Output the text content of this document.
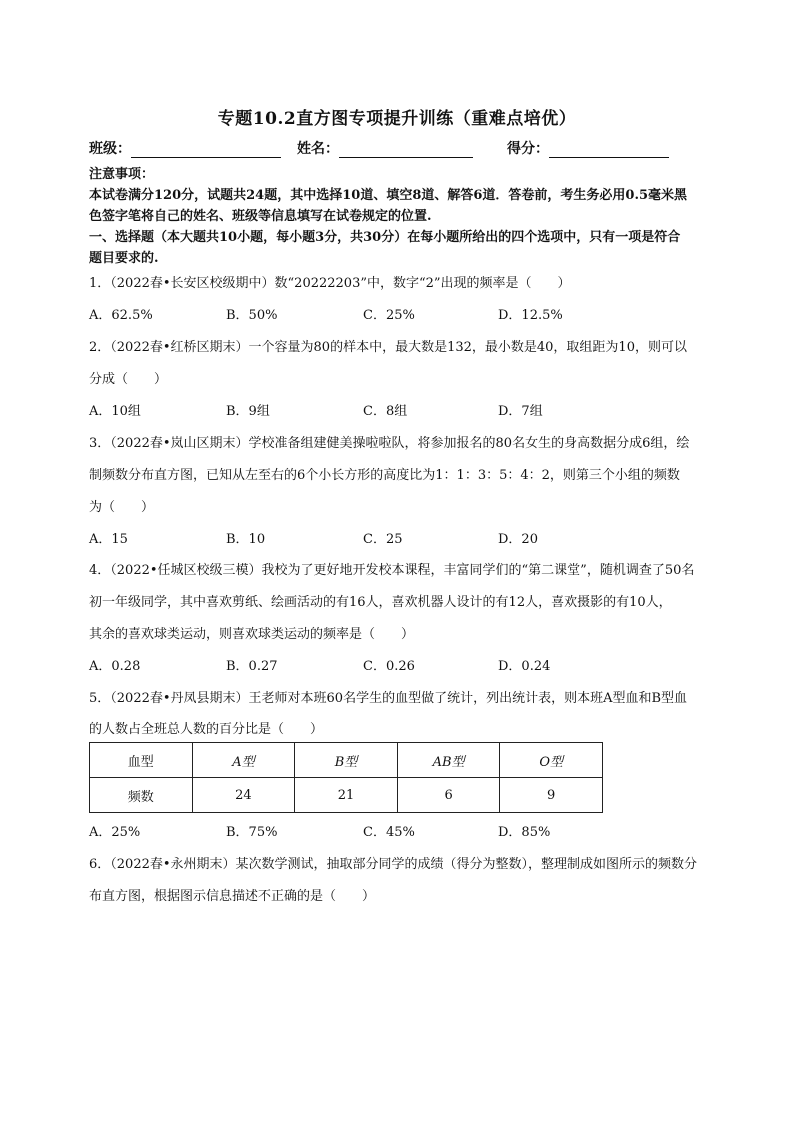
专题10.2直方图专项提升训练（重难点培优）
班级：	姓名：	得分：
注意事项：
本试卷满分120分，试题共24题，其中选择10道、填空8道、解答6道．答卷前，考生务必用0.5毫米黑
色签字笔将自己的姓名、班级等信息填写在试卷规定的位置.
一、选择题（本大题共10小题，每小题3分，共30分）在每小题所给出的四个选项中，只有一项是符合
题目要求的.
1．（2022春•长安区校级期中）数“20222203”中，数字“2”出现的频率是（　　）
A．62.5%	B．50%	C．25%	D．12.5%
2．（2022春•红桥区期末）一个容量为80的样本中，最大数是132，最小数是40，取组距为10，则可以
分成（　　）
A．10组	B．9组	C．8组	D．7组
3．（2022春•岚山区期末）学校准备组建健美操啦啦队，将参加报名的80名女生的身高数据分成6组，绘
制频数分布直方图，已知从左至右的6个小长方形的高度比为1：1：3：5：4：2，则第三个小组的频数
为（　　）
A．15	B．10	C．25	D．20
4．（2022•任城区校级三模）我校为了更好地开发校本课程，丰富同学们的“第二课堂”，随机调查了50名
初一年级同学，其中喜欢剪纸、绘画活动的有16人，喜欢机器人设计的有12人，喜欢摄影的有10人，
其余的喜欢球类运动，则喜欢球类运动的频率是（　　）
A．0.28	B．0.27	C．0.26	D．0.24
5．（2022春•丹凤县期末）王老师对本班60名学生的血型做了统计，列出统计表，则本班A型血和B型血
的人数占全班总人数的百分比是（　　）
血型	A型	B型	AB型	O型
频数	24	21	6	9
A．25%	B．75%	C．45%	D．85%
6．（2022春•永州期末）某次数学测试，抽取部分同学的成绩（得分为整数），整理制成如图所示的频数分
布直方图，根据图示信息描述不正确的是（　　）
